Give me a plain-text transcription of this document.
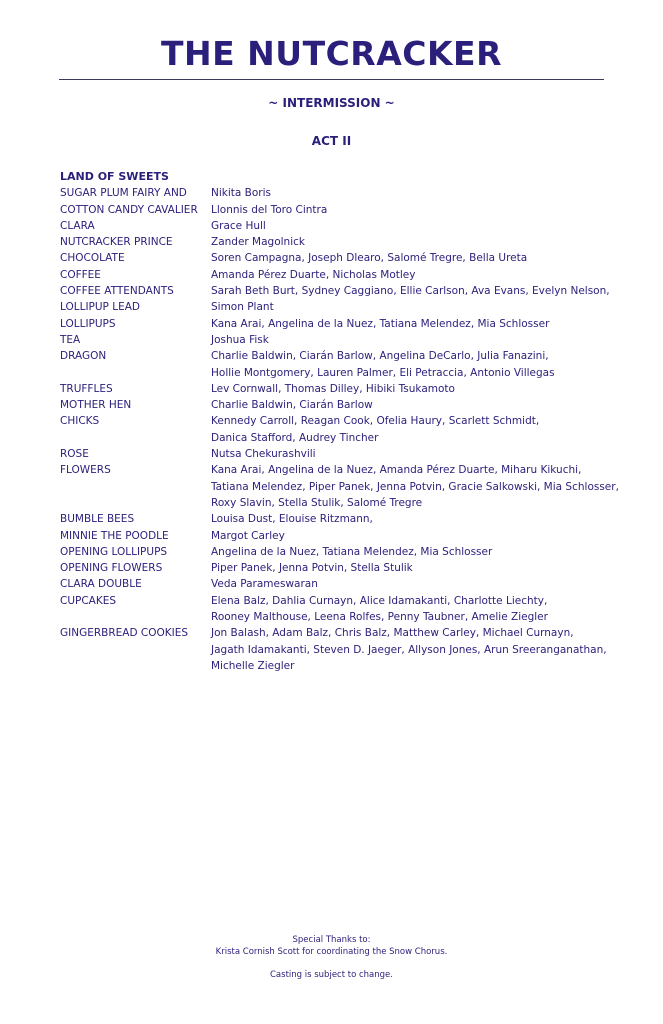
THE NUTCRACKER
~ INTERMISSION ~
ACT II
LAND OF SWEETS
SUGAR PLUM FAIRY AND	Nikita Boris
COTTON CANDY CAVALIER	Llonnis del Toro Cintra
CLARA	Grace Hull
NUTCRACKER PRINCE	Zander Magolnick
CHOCOLATE	Soren Campagna, Joseph Dlearo, Salomé Tregre, Bella Ureta
COFFEE	Amanda Pérez Duarte, Nicholas Motley
COFFEE ATTENDANTS	Sarah Beth Burt, Sydney Caggiano, Ellie Carlson, Ava Evans, Evelyn Nelson,
LOLLIPUP LEAD	Simon Plant
LOLLIPUPS	Kana Arai, Angelina de la Nuez, Tatiana Melendez, Mia Schlosser
TEA	Joshua Fisk
DRAGON	Charlie Baldwin, Ciarán Barlow, Angelina DeCarlo, Julia Fanazini,
Hollie Montgomery, Lauren Palmer, Eli Petraccia, Antonio Villegas
TRUFFLES	Lev Cornwall, Thomas Dilley, Hibiki Tsukamoto
MOTHER HEN	Charlie Baldwin, Ciarán Barlow
CHICKS	Kennedy Carroll, Reagan Cook, Ofelia Haury, Scarlett Schmidt,
Danica Stafford, Audrey Tincher
ROSE	Nutsa Chekurashvili
FLOWERS	Kana Arai, Angelina de la Nuez, Amanda Pérez Duarte, Miharu Kikuchi,
Tatiana Melendez, Piper Panek, Jenna Potvin, Gracie Salkowski, Mia Schlosser,
Roxy Slavin, Stella Stulik, Salomé Tregre
BUMBLE BEES	Louisa Dust, Elouise Ritzmann,
MINNIE THE POODLE	Margot Carley
OPENING LOLLIPUPS	Angelina de la Nuez, Tatiana Melendez, Mia Schlosser
OPENING FLOWERS	Piper Panek, Jenna Potvin, Stella Stulik
CLARA DOUBLE	Veda Parameswaran
CUPCAKES	Elena Balz, Dahlia Curnayn, Alice Idamakanti, Charlotte Liechty,
Rooney Malthouse, Leena Rolfes, Penny Taubner, Amelie Ziegler
GINGERBREAD COOKIES	Jon Balash, Adam Balz, Chris Balz, Matthew Carley, Michael Curnayn,
Jagath Idamakanti, Steven D. Jaeger, Allyson Jones, Arun Sreeranganathan,
Michelle Ziegler
Special Thanks to:
Krista Cornish Scott for coordinating the Snow Chorus.
Casting is subject to change.
